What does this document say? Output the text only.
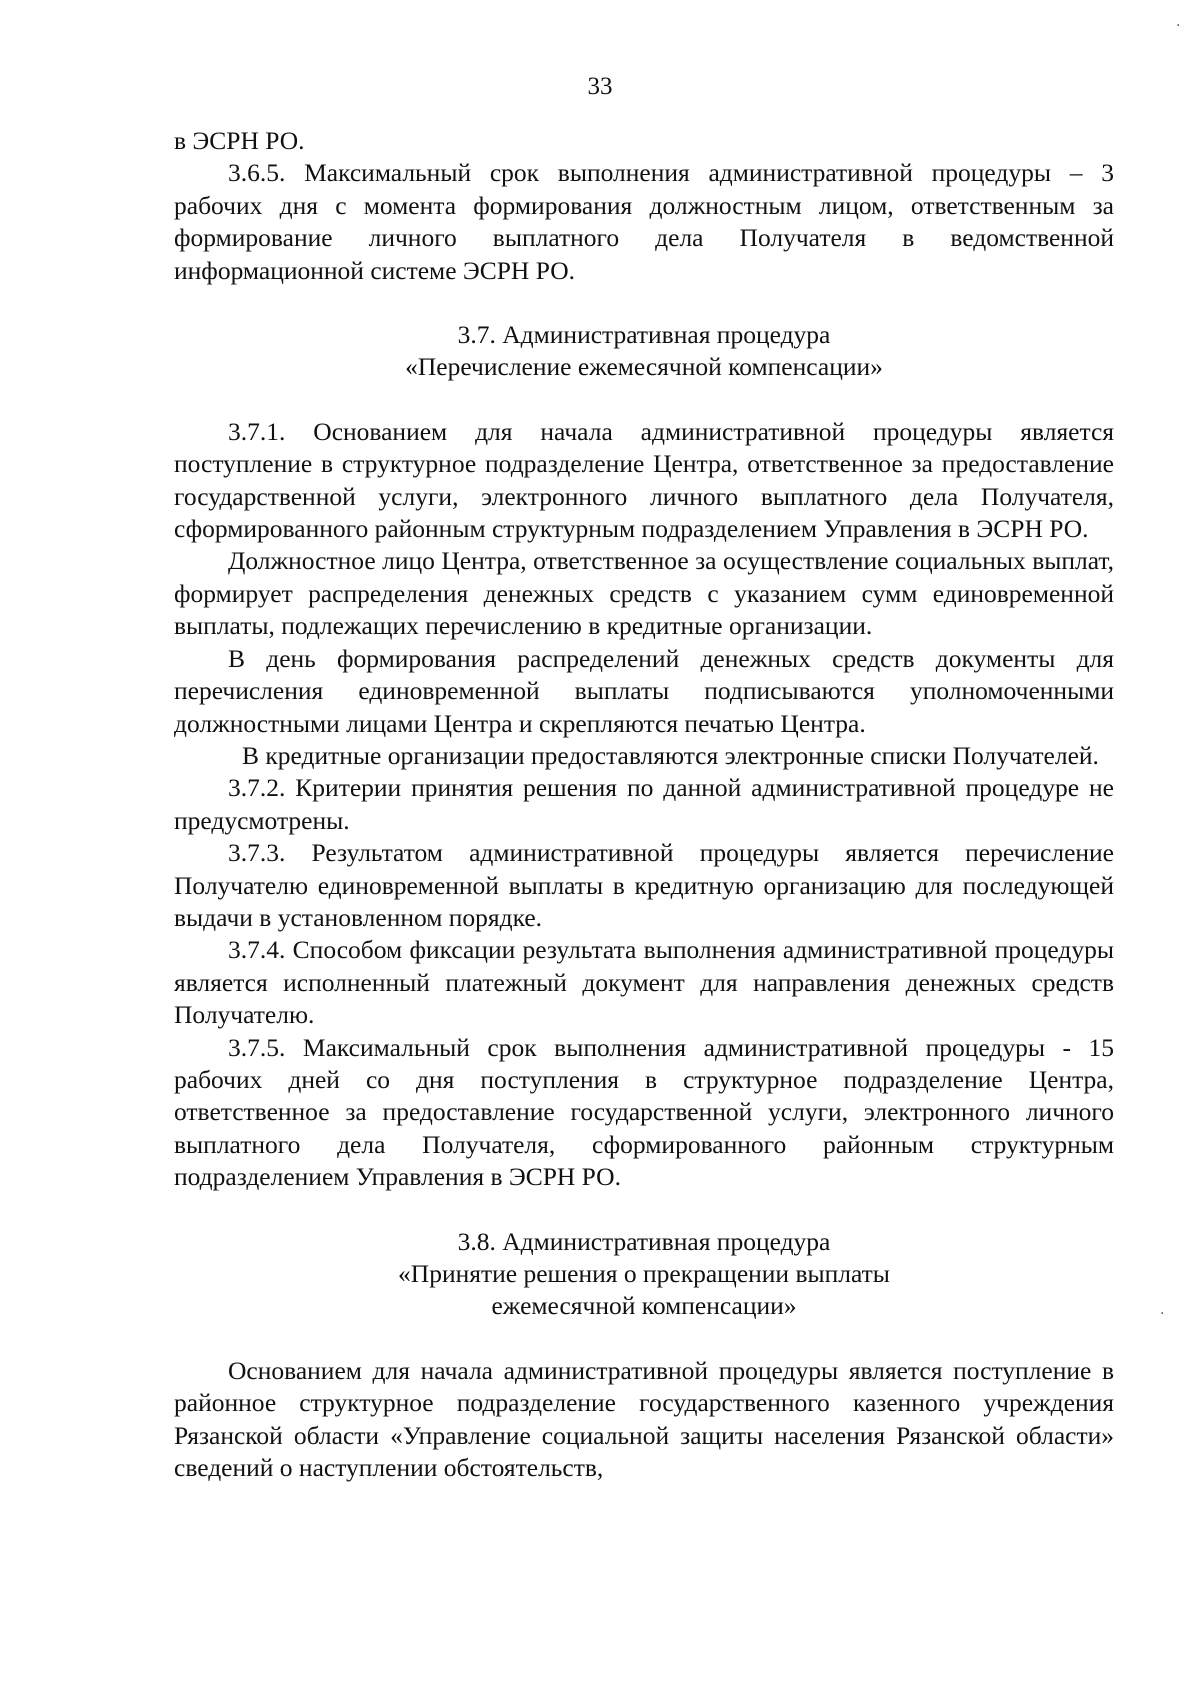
33

в ЭСРН РО.

3.6.5. Максимальный срок выполнения административной процедуры – 3 рабочих дня с момента формирования должностным лицом, ответственным за формирование личного выплатного дела Получателя в ведомственной информационной системе ЭСРН РО.

3.7. Административная процедура
«Перечисление ежемесячной компенсации»

3.7.1. Основанием для начала административной процедуры является поступление в структурное подразделение Центра, ответственное за предоставление государственной услуги, электронного личного выплатного дела Получателя, сформированного районным структурным подразделением Управления в ЭСРН РО.

Должностное лицо Центра, ответственное за осуществление социальных выплат, формирует распределения денежных средств с указанием сумм единовременной выплаты, подлежащих перечислению в кредитные организации.

В день формирования распределений денежных средств документы для перечисления единовременной выплаты подписываются уполномоченными должностными лицами Центра и скрепляются печатью Центра.

В кредитные организации предоставляются электронные списки Получателей.

3.7.2. Критерии принятия решения по данной административной процедуре не предусмотрены.

3.7.3. Результатом административной процедуры является перечисление Получателю единовременной выплаты в кредитную организацию для последующей выдачи в установленном порядке.

3.7.4. Способом фиксации результата выполнения административной процедуры является исполненный платежный документ для направления денежных средств Получателю.

3.7.5. Максимальный срок выполнения административной процедуры - 15 рабочих дней со дня поступления в структурное подразделение Центра, ответственное за предоставление государственной услуги, электронного личного выплатного дела Получателя, сформированного районным структурным подразделением Управления в ЭСРН РО.

3.8. Административная процедура
«Принятие решения о прекращении выплаты
ежемесячной компенсации»

Основанием для начала административной процедуры является поступление в районное структурное подразделение государственного казенного учреждения Рязанской области «Управление социальной защиты населения Рязанской области» сведений о наступлении обстоятельств,

·
·
